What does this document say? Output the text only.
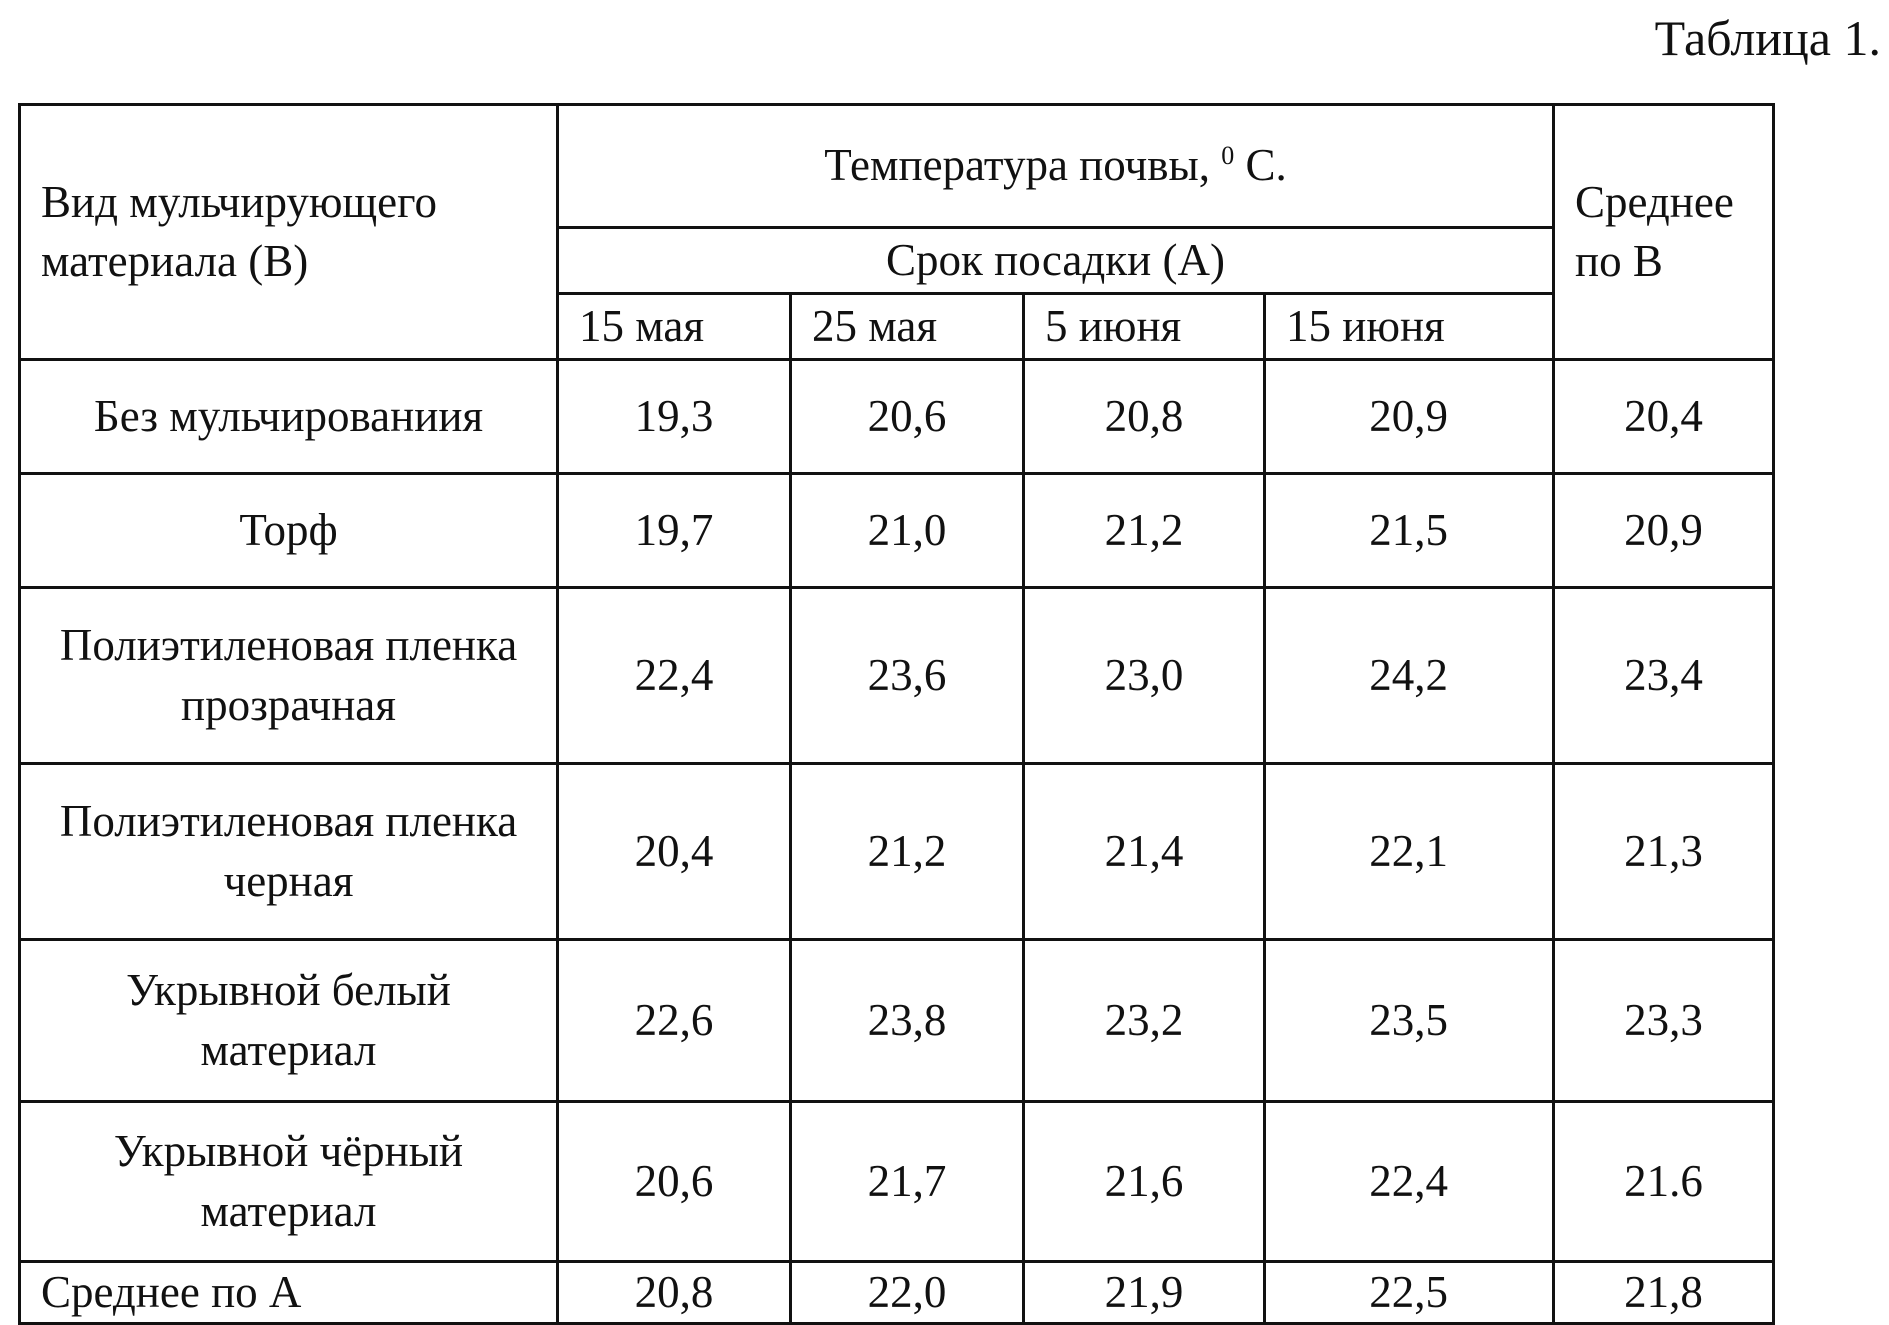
Таблица 1.
Вид мульчирующего материала (В)	Температура почвы, $^0$ С.				Среднее по В
	Срок посадки (А)				
	15 мая	25 мая	5 июня	15 июня	
Без мульчированиия	19,3	20,6	20,8	20,9	20,4
Торф	19,7	21,0	21,2	21,5	20,9
Полиэтиленовая пленка прозрачная	22,4	23,6	23,0	24,2	23,4
Полиэтиленовая пленка черная	20,4	21,2	21,4	22,1	21,3
Укрывной белый материал	22,6	23,8	23,2	23,5	23,3
Укрывной чёрный материал	20,6	21,7	21,6	22,4	21.6
Среднее по А	20,8	22,0	21,9	22,5	21,8
